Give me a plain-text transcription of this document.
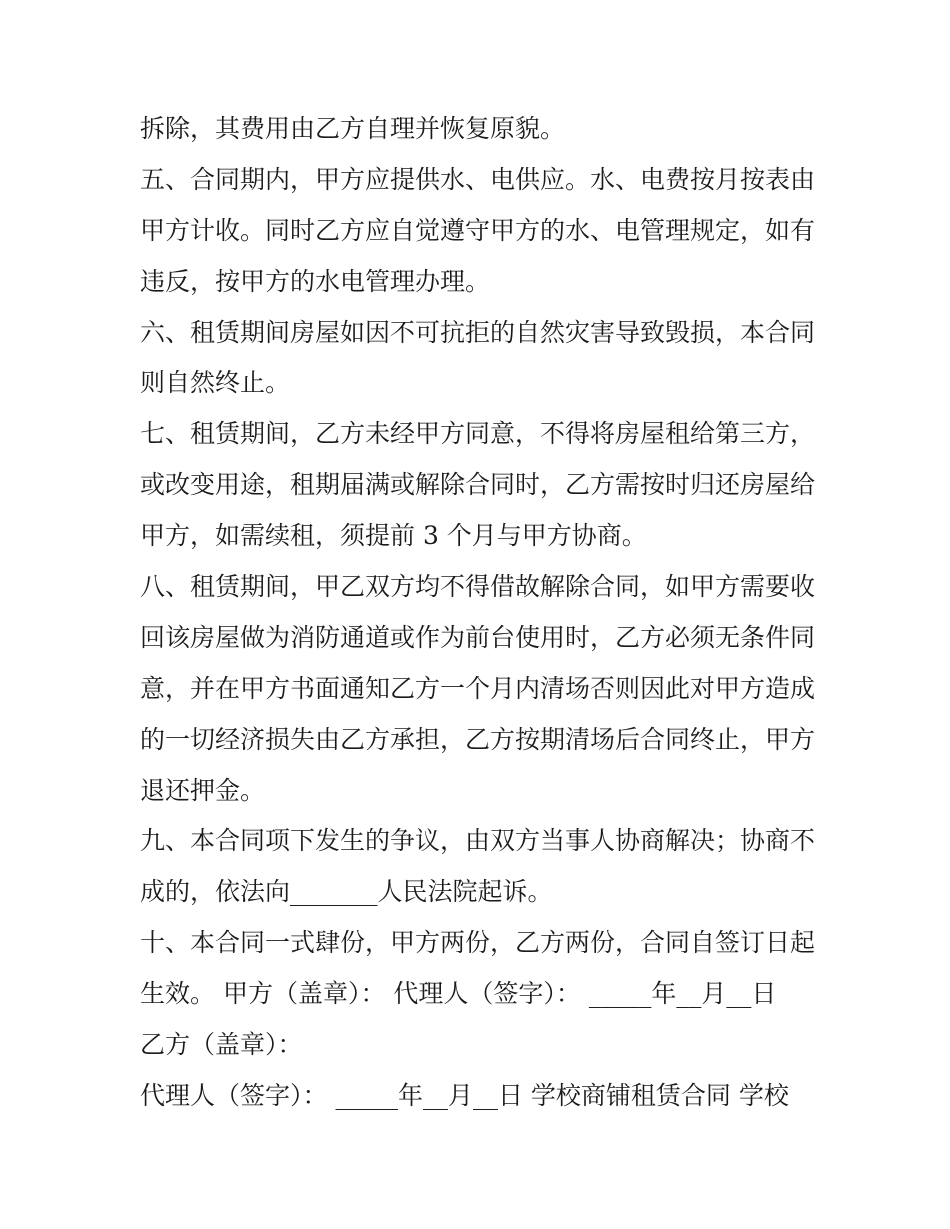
拆除，其费用由乙方自理并恢复原貌。
五、合同期内，甲方应提供水、电供应。水、电费按月按表由
甲方计收。同时乙方应自觉遵守甲方的水、电管理规定，如有
违反，按甲方的水电管理办理。
六、租赁期间房屋如因不可抗拒的自然灾害导致毁损，本合同
则自然终止。
七、租赁期间，乙方未经甲方同意，不得将房屋租给第三方，
或改变用途，租期届满或解除合同时，乙方需按时归还房屋给
甲方，如需续租，须提前 3 个月与甲方协商。
八、租赁期间，甲乙双方均不得借故解除合同，如甲方需要收
回该房屋做为消防通道或作为前台使用时，乙方必须无条件同
意，并在甲方书面通知乙方一个月内清场否则因此对甲方造成
的一切经济损失由乙方承担，乙方按期清场后合同终止，甲方
退还押金。
九、本合同项下发生的争议，由双方当事人协商解决；协商不
成的，依法向_______人民法院起诉。
十、本合同一式肆份，甲方两份，乙方两份，合同自签订日起
生效。 甲方（盖章）： 代理人（签字）： _____年__月__日
乙方（盖章）：
代理人（签字）： _____年__月__日 学校商铺租赁合同 学校
